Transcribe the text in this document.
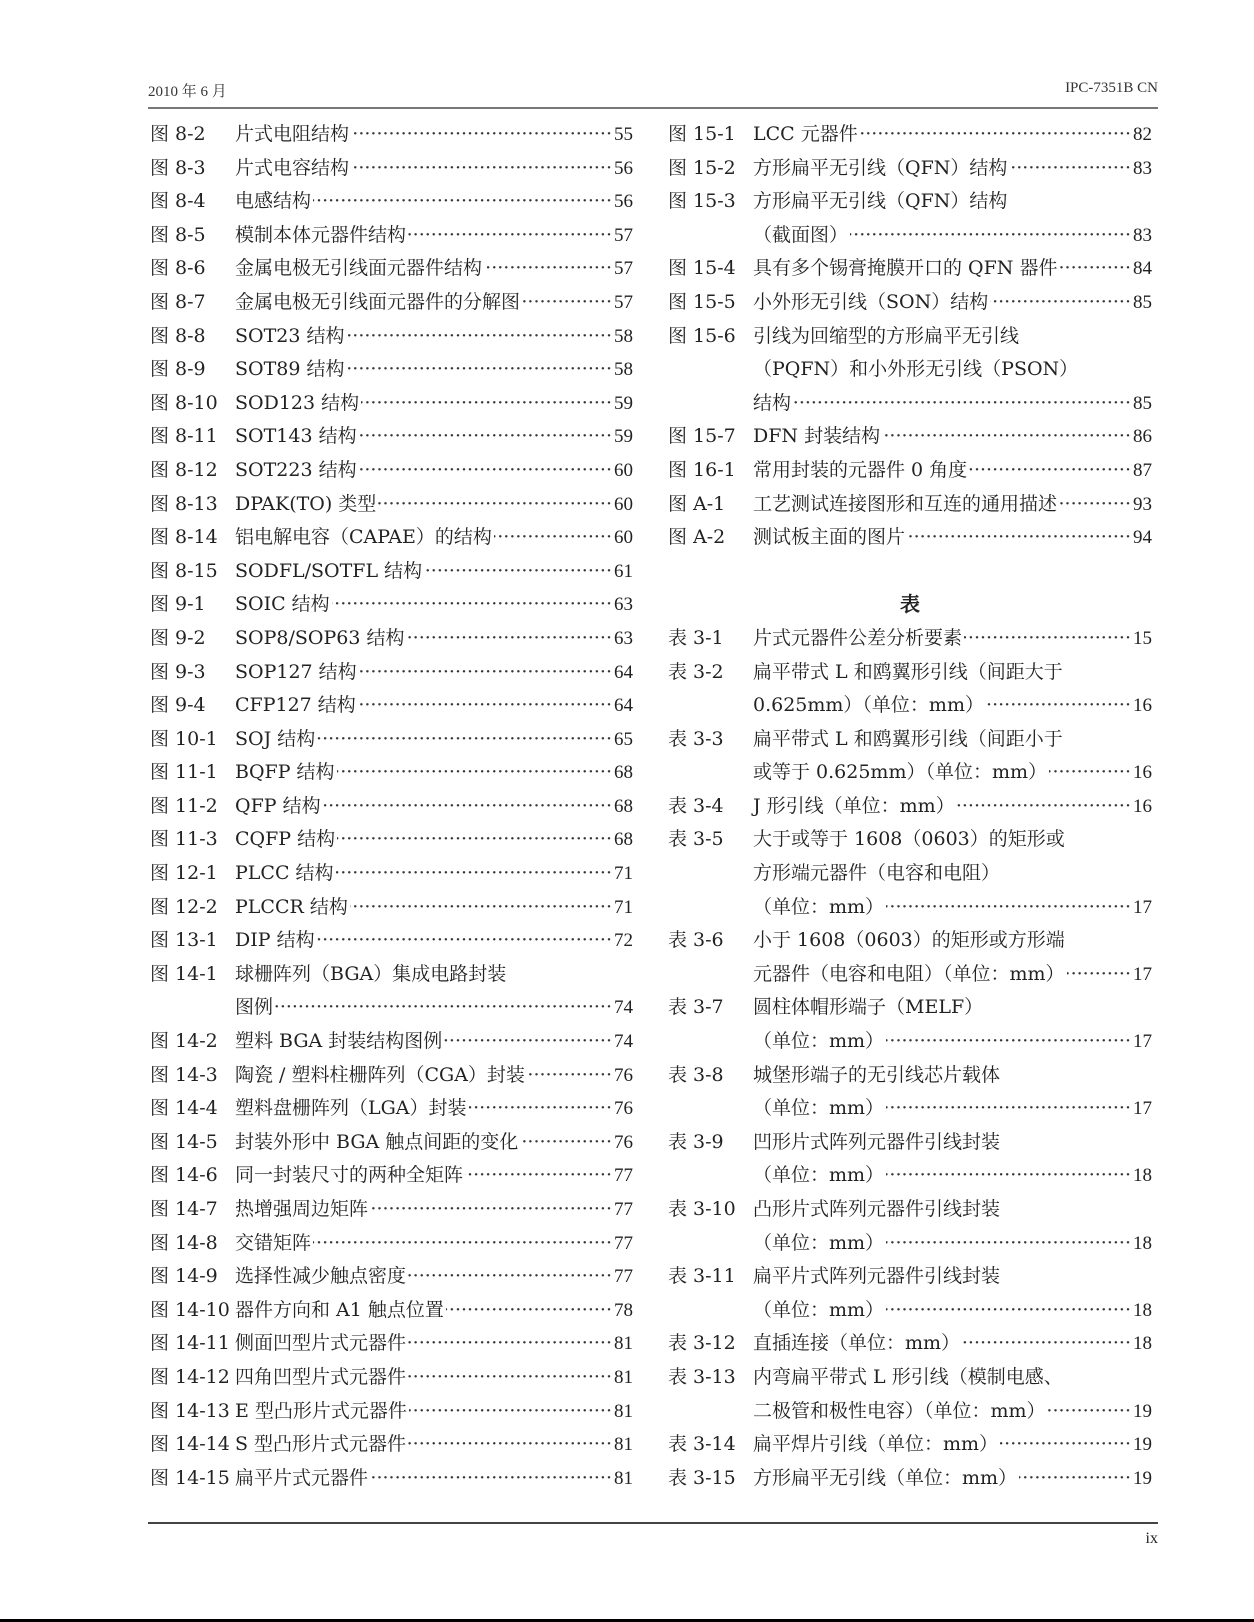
2010 年 6 月	IPC-7351B CN
图 8-2	片式电阻结构 ·····	55
图 8-3	片式电容结构 ·····	56
图 8-4	电感结构 ·····	56
图 8-5	模制本体元器件结构 ·····	57
图 8-6	金属电极无引线面元器件结构 ·····	57
图 8-7	金属电极无引线面元器件的分解图 ·····	57
图 8-8	SOT23 结构 ·····	58
图 8-9	SOT89 结构 ·····	58
图 8-10 SOD123 结构 ·····	59
图 8-11 SOT143 结构 ·····	59
图 8-12 SOT223 结构 ·····	60
图 8-13 DPAK(TO) 类型 ·····	60
图 8-14 铝电解电容（CAPAE）的结构 ·····	60
图 8-15 SODFL/SOTFL 结构 ·····	61
图 9-1	SOIC 结构 ·····	63
图 9-2	SOP8/SOP63 结构 ·····	63
图 9-3	SOP127 结构 ·····	64
图 9-4	CFP127 结构 ·····	64
图 10-1 SOJ 结构 ·····	65
图 11-1 BQFP 结构 ·····	68
图 11-2 QFP 结构 ·····	68
图 11-3 CQFP 结构 ·····	68
图 12-1 PLCC 结构 ·····	71
图 12-2 PLCCR 结构 ·····	71
图 13-1 DIP 结构 ·····	72
图 14-1 球栅阵列（BGA）集成电路封装
图例 ·····	74
图 14-2 塑料 BGA 封装结构图例 ·····	74
图 14-3 陶瓷 / 塑料柱栅阵列（CGA）封装 ·····	76
图 14-4 塑料盘栅阵列（LGA）封装 ·····	76
图 14-5 封装外形中 BGA 触点间距的变化 ·····	76
图 14-6 同一封装尺寸的两种全矩阵 ·····	77
图 14-7 热增强周边矩阵 ·····	77
图 14-8 交错矩阵 ·····	77
图 14-9 选择性减少触点密度 ·····	77
图 14-10 器件方向和 A1 触点位置 ·····	78
图 14-11 侧面凹型片式元器件 ·····	81
图 14-12 四角凹型片式元器件 ·····	81
图 14-13 E 型凸形片式元器件 ·····	81
图 14-14 S 型凸形片式元器件 ·····	81
图 14-15 扁平片式元器件 ·····	81
图 15-1 LCC 元器件 ·····	82
图 15-2 方形扁平无引线（QFN）结构 ·····	83
图 15-3 方形扁平无引线（QFN）结构
（截面图） ·····	83
图 15-4 具有多个锡膏掩膜开口的 QFN 器件 ·····	84
图 15-5 小外形无引线（SON）结构 ·····	85
图 15-6 引线为回缩型的方形扁平无引线
（PQFN）和小外形无引线（PSON）
结构 ·····	85
图 15-7 DFN 封装结构 ·····	86
图 16-1 常用封装的元器件 0 角度 ·····	87
图 A-1	工艺测试连接图形和互连的通用描述 ·····	93
图 A-2	测试板主面的图片 ·····	94
表
表 3-1	片式元器件公差分析要素 ·····	15
表 3-2	扁平带式 L 和鸥翼形引线（间距大于
0.625mm）（单位：mm） ·····	16
表 3-3	扁平带式 L 和鸥翼形引线（间距小于
或等于 0.625mm）（单位：mm） ·····	16
表 3-4	J 形引线（单位：mm） ·····	16
表 3-5	大于或等于 1608（0603）的矩形或
方形端元器件（电容和电阻）
（单位：mm） ·····	17
表 3-6	小于 1608（0603）的矩形或方形端
元器件（电容和电阻）（单位：mm） ·····	17
表 3-7	圆柱体帽形端子（MELF）
（单位：mm） ·····	17
表 3-8	城堡形端子的无引线芯片载体
（单位：mm） ·····	17
表 3-9	凹形片式阵列元器件引线封装
（单位：mm） ·····	18
表 3-10 凸形片式阵列元器件引线封装
（单位：mm） ·····	18
表 3-11 扁平片式阵列元器件引线封装
（单位：mm） ·····	18
表 3-12 直插连接（单位：mm） ·····	18
表 3-13 内弯扁平带式 L 形引线（模制电感、
二极管和极性电容）（单位：mm） ·····	19
表 3-14 扁平焊片引线（单位：mm） ·····	19
表 3-15 方形扁平无引线（单位：mm） ·····	19
ix
